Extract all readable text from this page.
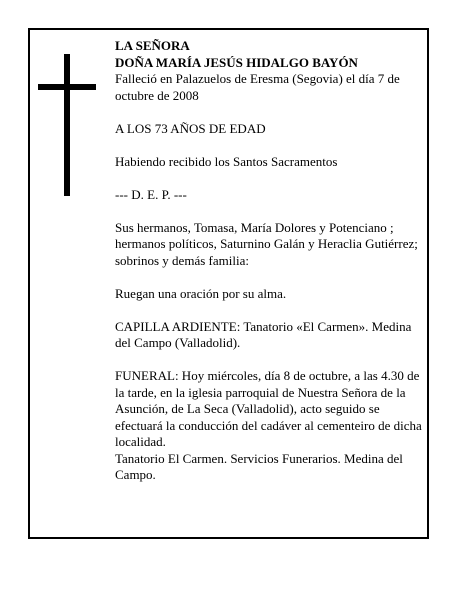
LA SEÑORA

DOÑA MARÍA JESÚS HIDALGO BAYÓN

Falleció en Palazuelos de Eresma (Segovia) el día 7 de octubre de 2008

A LOS 73 AÑOS DE EDAD

Habiendo recibido los Santos Sacramentos

--- D. E. P. ---

Sus hermanos, Tomasa, María Dolores y Potenciano ; hermanos políticos, Saturnino Galán y Heraclia Gutiérrez; sobrinos y demás familia:

Ruegan una oración por su alma.

CAPILLA ARDIENTE: Tanatorio «El Carmen». Medina del Campo (Valladolid).

FUNERAL: Hoy miércoles, día 8 de octubre, a las 4.30 de la tarde, en la iglesia parroquial de Nuestra Señora de la Asunción, de La Seca (Valladolid), acto seguido se efectuará la conducción del cadáver al cementeiro de dicha localidad.

Tanatorio El Carmen. Servicios Funerarios. Medina del Campo.
